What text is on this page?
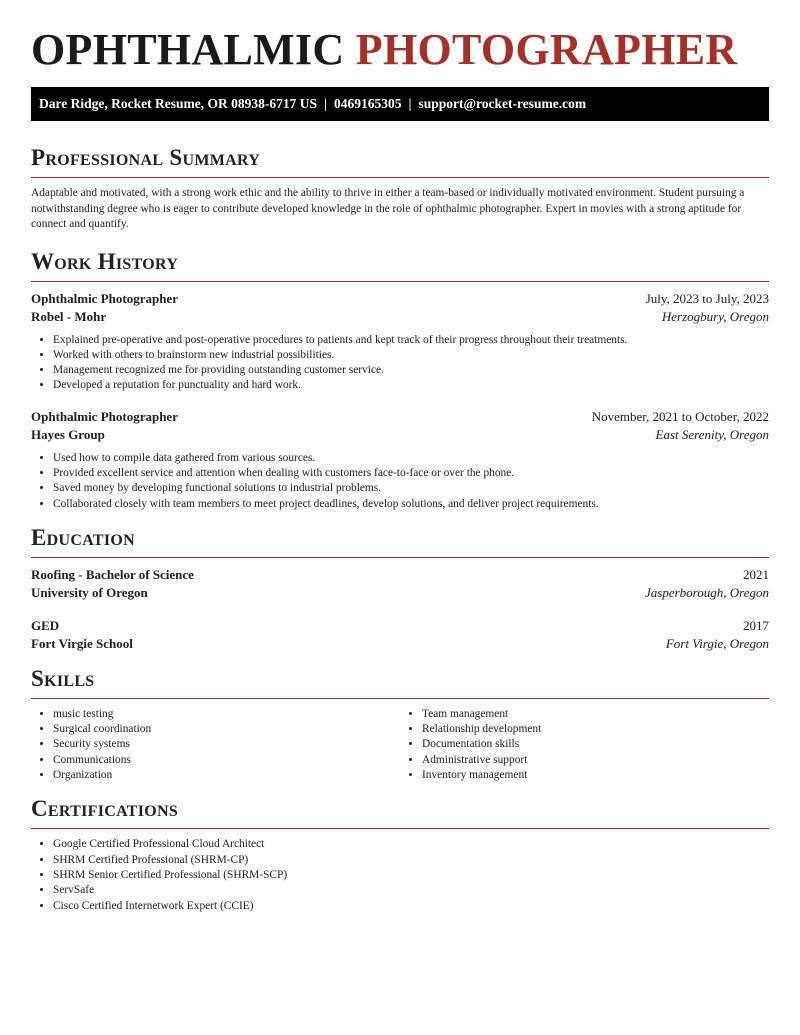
OPHTHALMIC PHOTOGRAPHER
Dare Ridge, Rocket Resume, OR 08938-6717 US | 0469165305 | support@rocket-resume.com
Professional Summary
Adaptable and motivated, with a strong work ethic and the ability to thrive in either a team-based or individually motivated environment. Student pursuing a notwithstanding degree who is eager to contribute developed knowledge in the role of ophthalmic photographer. Expert in movies with a strong aptitude for connect and quantify.
Work History
Ophthalmic Photographer	July, 2023 to July, 2023
Robel - Mohr	Herzogbury, Oregon
• Explained pre-operative and post-operative procedures to patients and kept track of their progress throughout their treatments.
• Worked with others to brainstorm new industrial possibilities.
• Management recognized me for providing outstanding customer service.
• Developed a reputation for punctuality and hard work.
Ophthalmic Photographer	November, 2021 to October, 2022
Hayes Group	East Serenity, Oregon
• Used how to compile data gathered from various sources.
• Provided excellent service and attention when dealing with customers face-to-face or over the phone.
• Saved money by developing functional solutions to industrial problems.
• Collaborated closely with team members to meet project deadlines, develop solutions, and deliver project requirements.
Education
Roofing - Bachelor of Science	2021
University of Oregon	Jasperborough, Oregon
GED	2017
Fort Virgie School	Fort Virgie, Oregon
Skills
• music testing
• Surgical coordination
• Security systems
• Communications
• Organization
• Team management
• Relationship development
• Documentation skills
• Administrative support
• Inventory management
Certifications
• Google Certified Professional Cloud Architect
• SHRM Certified Professional (SHRM-CP)
• SHRM Senior Certified Professional (SHRM-SCP)
• ServSafe
• Cisco Certified Internetwork Expert (CCIE)
